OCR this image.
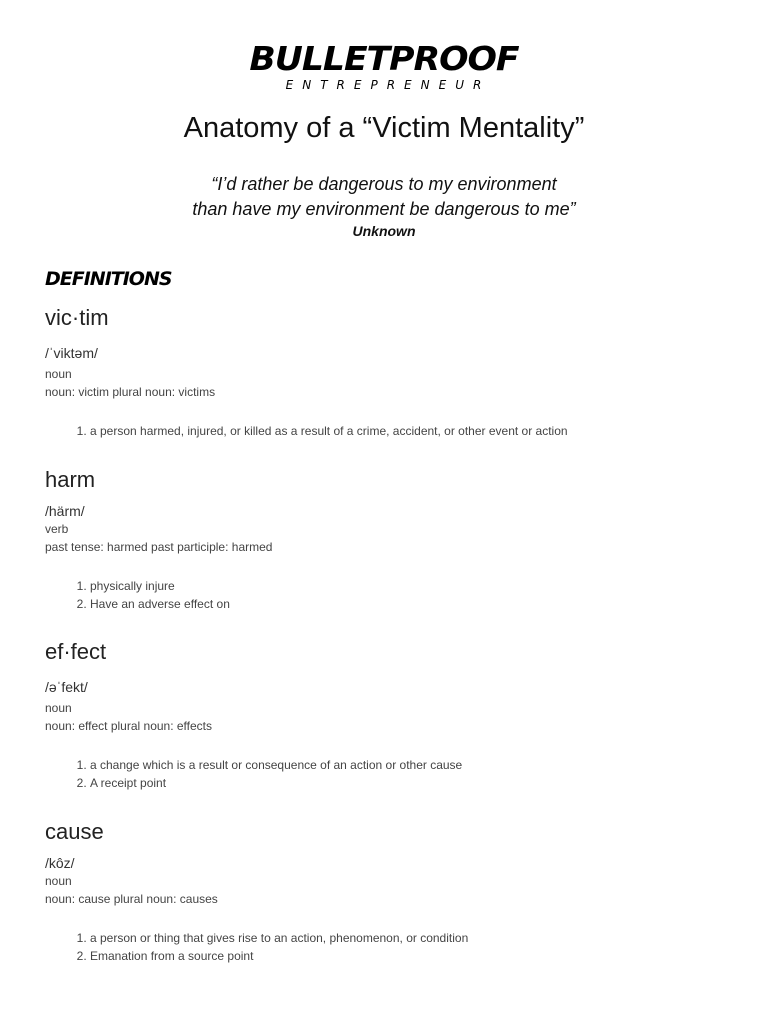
BULLETPROOF
ENTREPRENEUR
Anatomy of a “Victim Mentality”
“I’d rather be dangerous to my environment
than have my environment be dangerous to me”
Unknown
DEFINITIONS
vic·tim
/ˈviktəm/
noun
noun: victim plural noun: victims
1. a person harmed, injured, or killed as a result of a crime, accident, or other event or action
harm
/härm/
verb
past tense: harmed past participle: harmed
1. physically injure
2. Have an adverse effect on
ef·fect
/əˈfekt/
noun
noun: effect plural noun: effects
1. a change which is a result or consequence of an action or other cause
2. A receipt point
cause
/kôz/
noun
noun: cause plural noun: causes
1. a person or thing that gives rise to an action, phenomenon, or condition
2. Emanation from a source point
